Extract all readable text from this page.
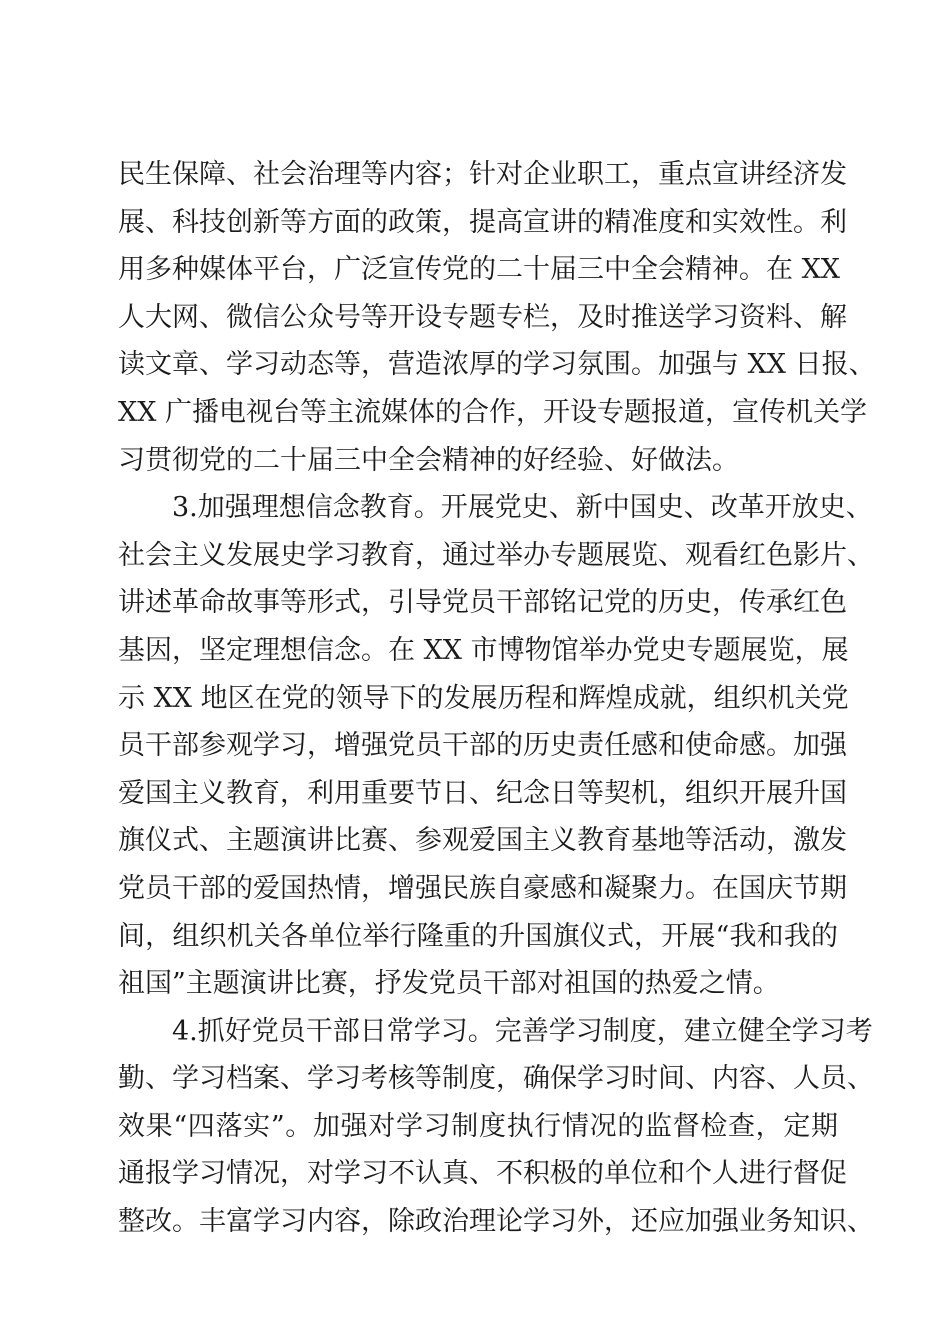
民生保障、社会治理等内容；针对企业职工，重点宣讲经济发
展、科技创新等方面的政策，提高宣讲的精准度和实效性。利
用多种媒体平台，广泛宣传党的二十届三中全会精神。在 XX
人大网、微信公众号等开设专题专栏，及时推送学习资料、解
读文章、学习动态等，营造浓厚的学习氛围。加强与 XX 日报、
XX 广播电视台等主流媒体的合作，开设专题报道，宣传机关学
习贯彻党的二十届三中全会精神的好经验、好做法。
3.加强理想信念教育。开展党史、新中国史、改革开放史、
社会主义发展史学习教育，通过举办专题展览、观看红色影片、
讲述革命故事等形式，引导党员干部铭记党的历史，传承红色
基因，坚定理想信念。在 XX 市博物馆举办党史专题展览，展
示 XX 地区在党的领导下的发展历程和辉煌成就，组织机关党
员干部参观学习，增强党员干部的历史责任感和使命感。加强
爱国主义教育，利用重要节日、纪念日等契机，组织开展升国
旗仪式、主题演讲比赛、参观爱国主义教育基地等活动，激发
党员干部的爱国热情，增强民族自豪感和凝聚力。在国庆节期
间，组织机关各单位举行隆重的升国旗仪式，开展“我和我的
祖国”主题演讲比赛，抒发党员干部对祖国的热爱之情。
4.抓好党员干部日常学习。完善学习制度，建立健全学习考
勤、学习档案、学习考核等制度，确保学习时间、内容、人员、
效果“四落实”。加强对学习制度执行情况的监督检查，定期
通报学习情况，对学习不认真、不积极的单位和个人进行督促
整改。丰富学习内容，除政治理论学习外，还应加强业务知识、
